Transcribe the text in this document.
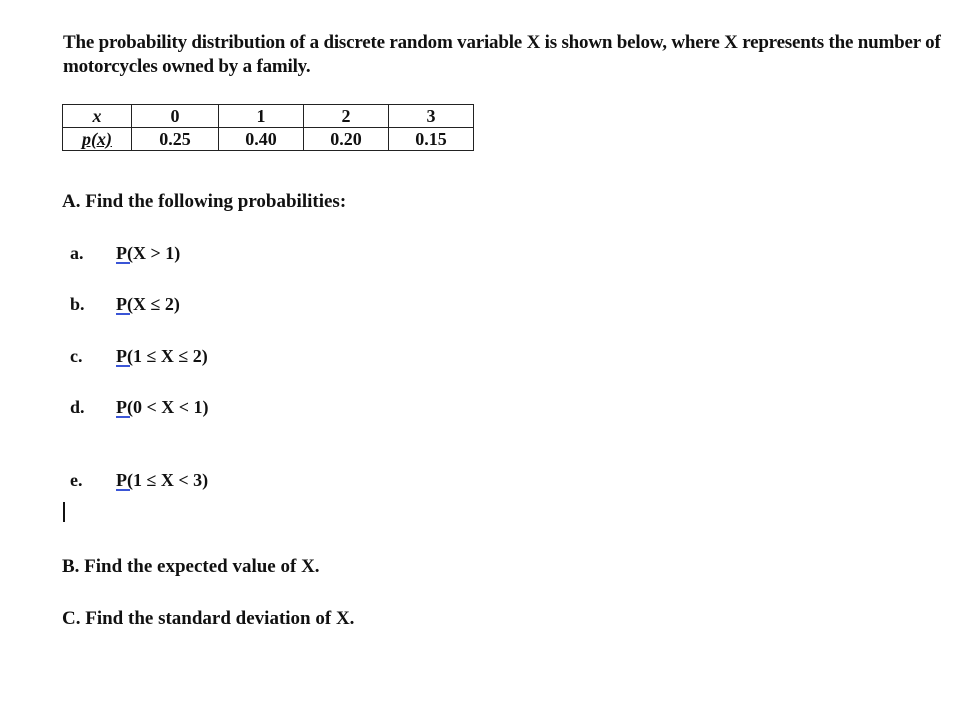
The probability distribution of a discrete random variable X is shown below, where X represents the number of motorcycles owned by a family.
x	0	1	2	3
p(x)	0.25	0.40	0.20	0.15
A. Find the following probabilities:
a.	P(X > 1)
b.	P(X ≤ 2)
c.	P(1 ≤ X ≤ 2)
d.	P(0 < X < 1)
e.	P(1 ≤ X < 3)
B. Find the expected value of X.
C. Find the standard deviation of X.
